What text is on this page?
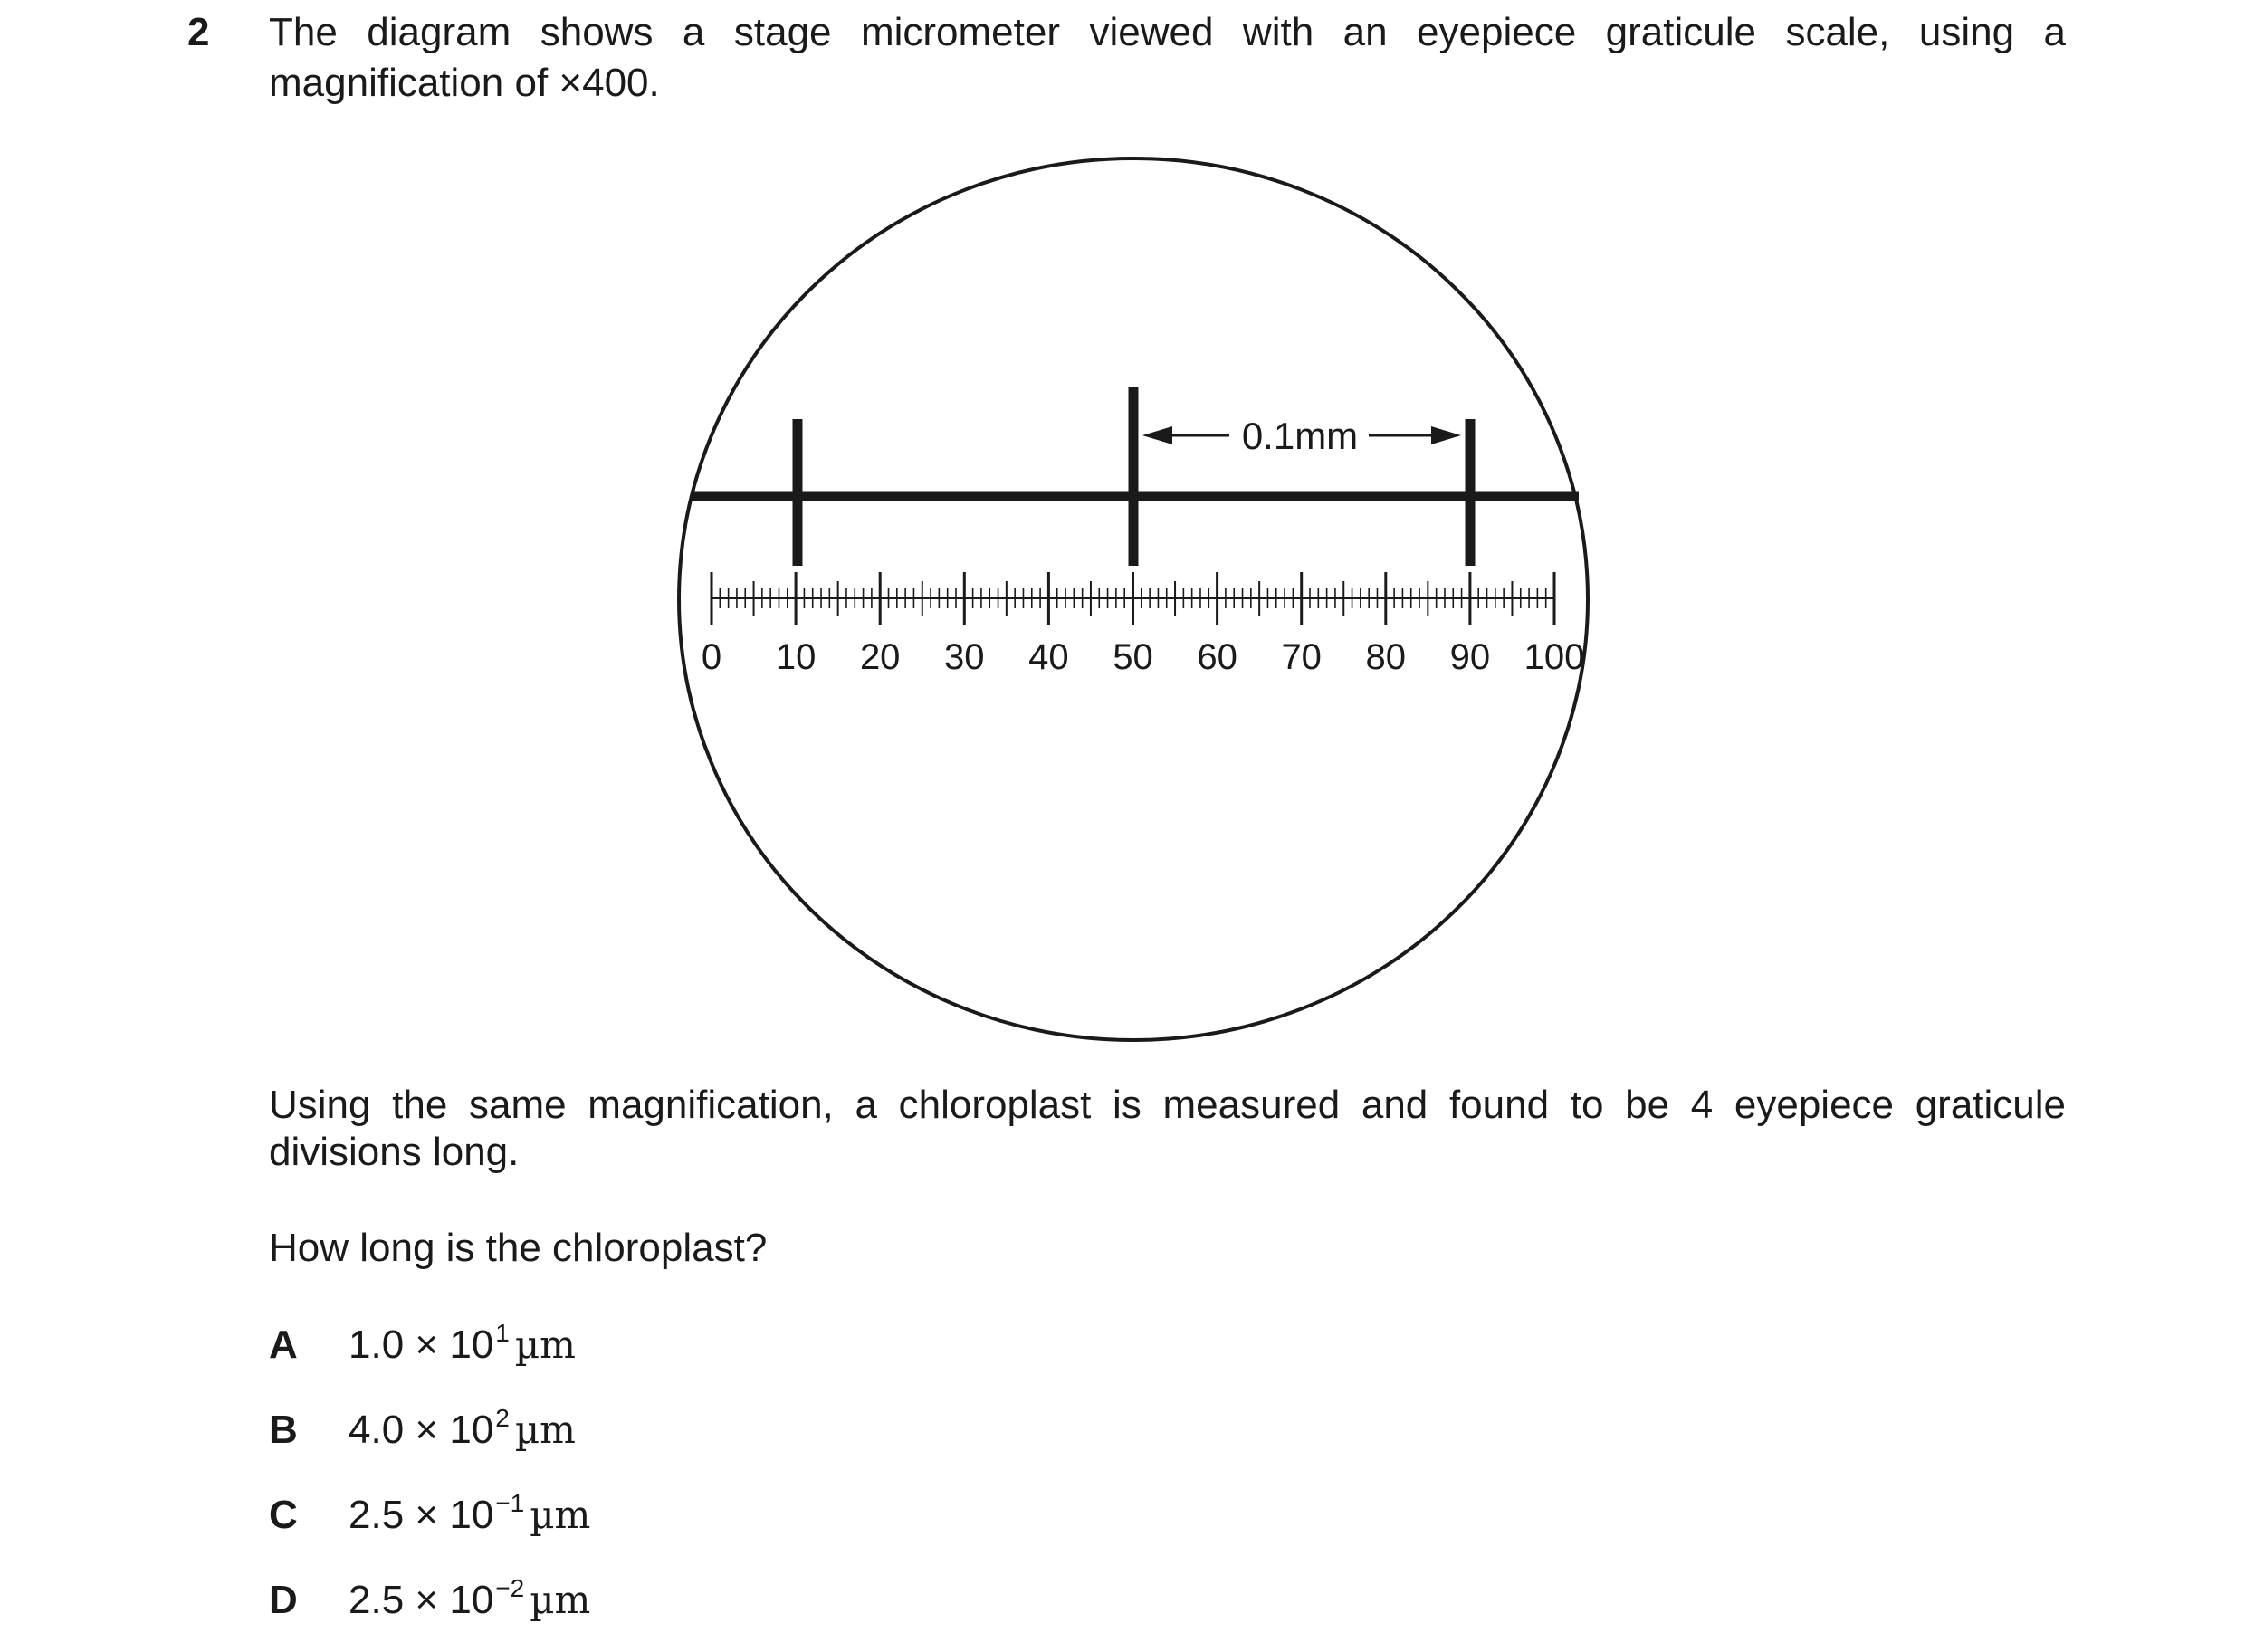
2 The diagram shows a stage micrometer viewed with an eyepiece graticule scale, using a magnification of ×400.

0.1mm
0 10 20 30 40 50 60 70 80 90 100

Using the same magnification, a chloroplast is measured and found to be 4 eyepiece graticule divisions long.

How long is the chloroplast?

A $1.0 \times 10^1$ µm
B $4.0 \times 10^2$ µm
C $2.5 \times 10^{-1}$ µm
D $2.5 \times 10^{-2}$ µm
